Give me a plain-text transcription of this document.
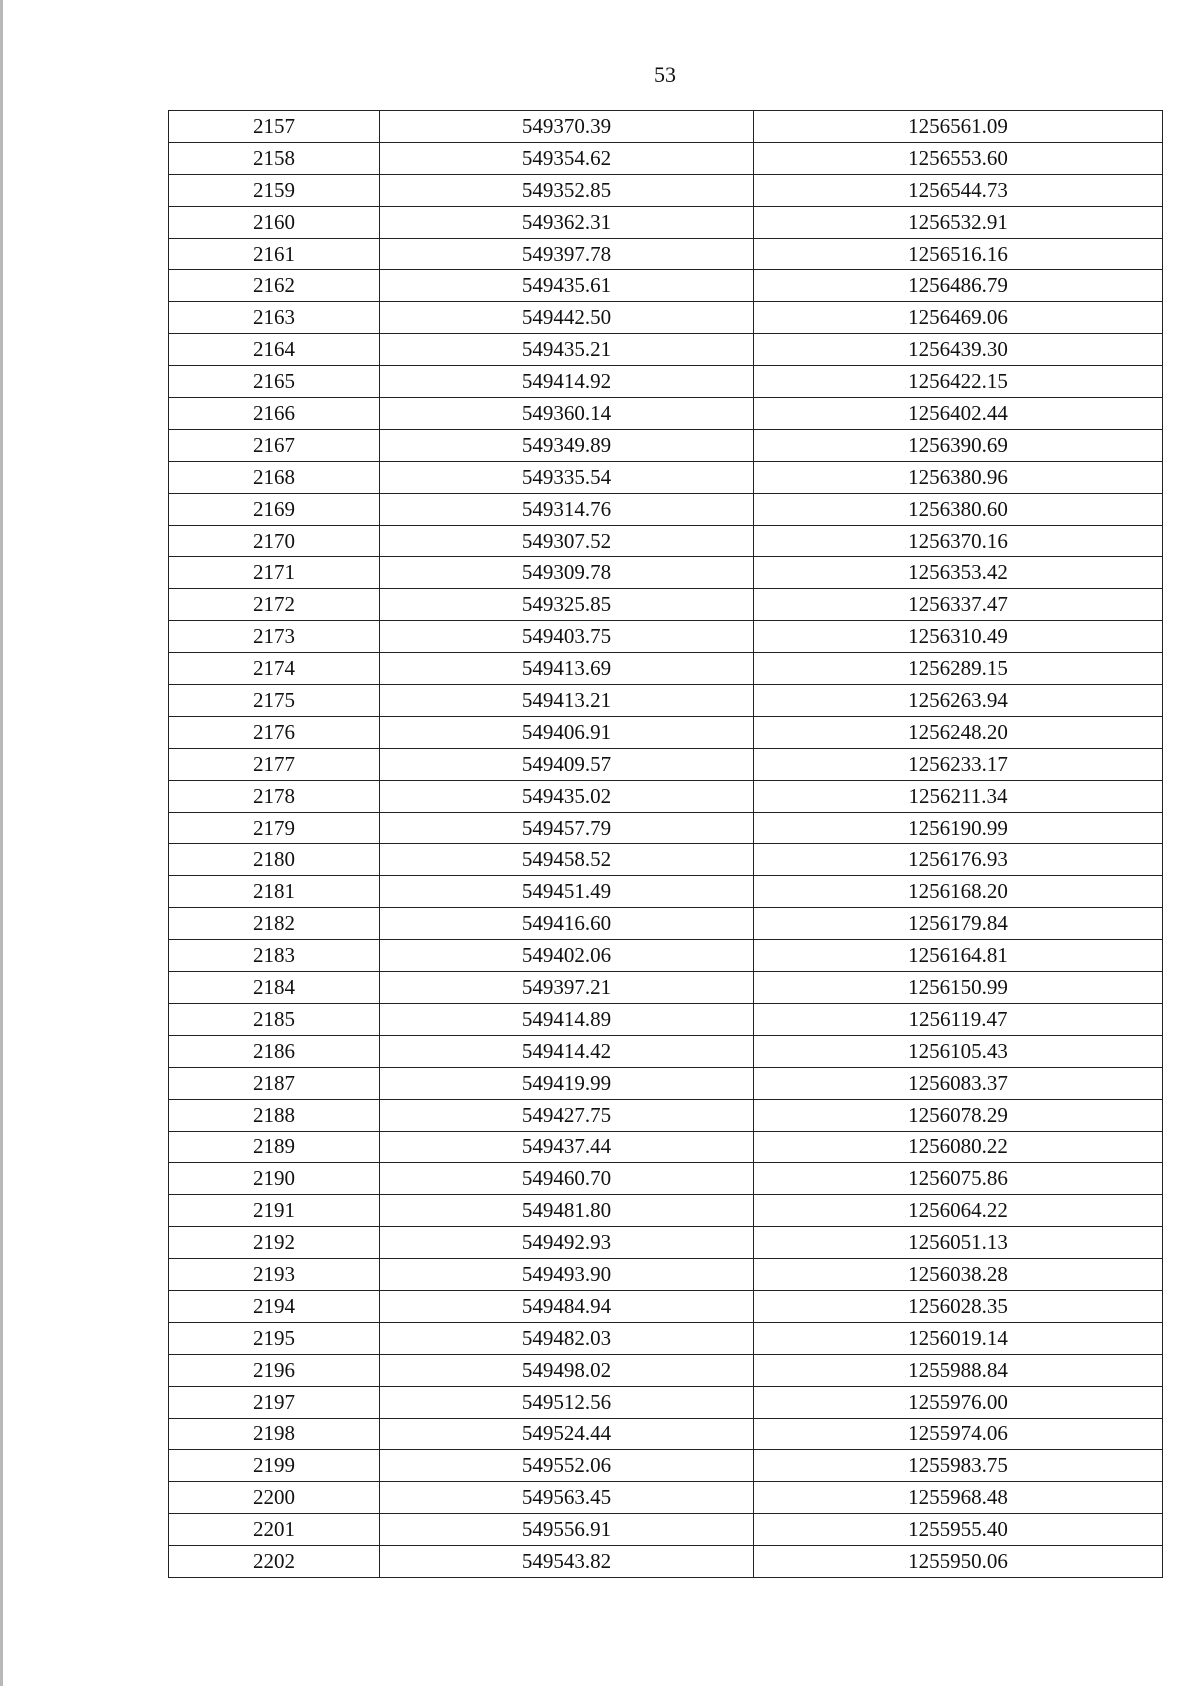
53
2157	549370.39	1256561.09
2158	549354.62	1256553.60
2159	549352.85	1256544.73
2160	549362.31	1256532.91
2161	549397.78	1256516.16
2162	549435.61	1256486.79
2163	549442.50	1256469.06
2164	549435.21	1256439.30
2165	549414.92	1256422.15
2166	549360.14	1256402.44
2167	549349.89	1256390.69
2168	549335.54	1256380.96
2169	549314.76	1256380.60
2170	549307.52	1256370.16
2171	549309.78	1256353.42
2172	549325.85	1256337.47
2173	549403.75	1256310.49
2174	549413.69	1256289.15
2175	549413.21	1256263.94
2176	549406.91	1256248.20
2177	549409.57	1256233.17
2178	549435.02	1256211.34
2179	549457.79	1256190.99
2180	549458.52	1256176.93
2181	549451.49	1256168.20
2182	549416.60	1256179.84
2183	549402.06	1256164.81
2184	549397.21	1256150.99
2185	549414.89	1256119.47
2186	549414.42	1256105.43
2187	549419.99	1256083.37
2188	549427.75	1256078.29
2189	549437.44	1256080.22
2190	549460.70	1256075.86
2191	549481.80	1256064.22
2192	549492.93	1256051.13
2193	549493.90	1256038.28
2194	549484.94	1256028.35
2195	549482.03	1256019.14
2196	549498.02	1255988.84
2197	549512.56	1255976.00
2198	549524.44	1255974.06
2199	549552.06	1255983.75
2200	549563.45	1255968.48
2201	549556.91	1255955.40
2202	549543.82	1255950.06
